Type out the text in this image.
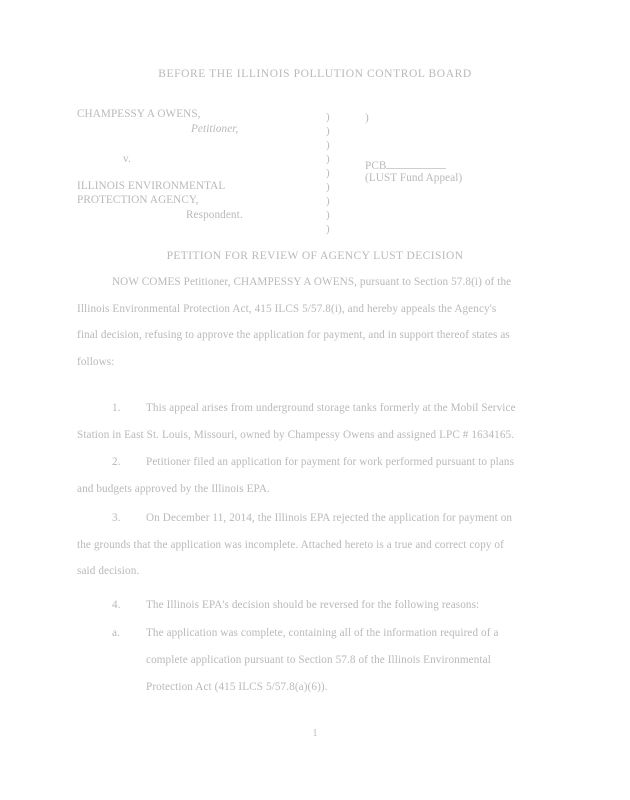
BEFORE THE ILLINOIS POLLUTION CONTROL BOARD
CHAMPESSY A OWENS,
Petitioner,
v.
ILLINOIS ENVIRONMENTAL
PROTECTION AGENCY,
Respondent.
)
)
)
)
)
)
)
)
)
)
PCB
(LUST Fund Appeal)
PETITION FOR REVIEW OF AGENCY LUST DECISION
NOW COMES Petitioner, CHAMPESSY A OWENS, pursuant to Section 57.8(i) of the
Illinois Environmental Protection Act, 415 ILCS 5/57.8(i), and hereby appeals the Agency's
final decision, refusing to approve the application for payment, and in support thereof states as
follows:
1. This appeal arises from underground storage tanks formerly at the Mobil Service
Station in East St. Louis, Missouri, owned by Champessy Owens and assigned LPC # 1634165.
2. Petitioner filed an application for payment for work performed pursuant to plans
and budgets approved by the Illinois EPA.
3. On December 11, 2014, the Illinois EPA rejected the application for payment on
the grounds that the application was incomplete. Attached hereto is a true and correct copy of
said decision.
4. The Illinois EPA's decision should be reversed for the following reasons:
a. The application was complete, containing all of the information required of a
complete application pursuant to Section 57.8 of the Illinois Environmental
Protection Act (415 ILCS 5/57.8(a)(6)).
1
